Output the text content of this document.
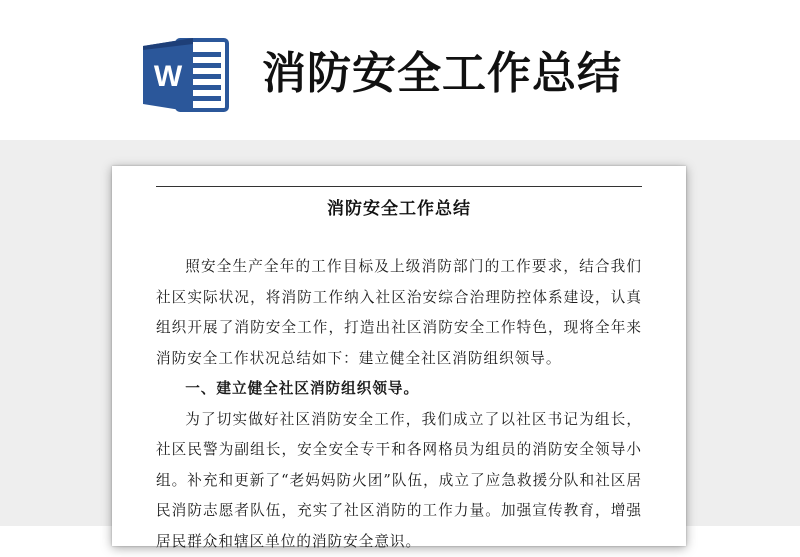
W 消防安全工作总结
消防安全工作总结

照安全生产全年的工作目标及上级消防部门的工作要求，结合我们社区实际状况，将消防工作纳入社区治安综合治理防控体系建设，认真组织开展了消防安全工作，打造出社区消防安全工作特色，现将全年来消防安全工作状况总结如下：建立健全社区消防组织领导。

一、建立健全社区消防组织领导。

为了切实做好社区消防安全工作，我们成立了以社区书记为组长，社区民警为副组长，安全安全专干和各网格员为组员的消防安全领导小组。补充和更新了“老妈妈防火团”队伍，成立了应急救援分队和社区居民消防志愿者队伍，充实了社区消防的工作力量。加强宣传教育，增强居民群众和辖区单位的消防安全意识。
